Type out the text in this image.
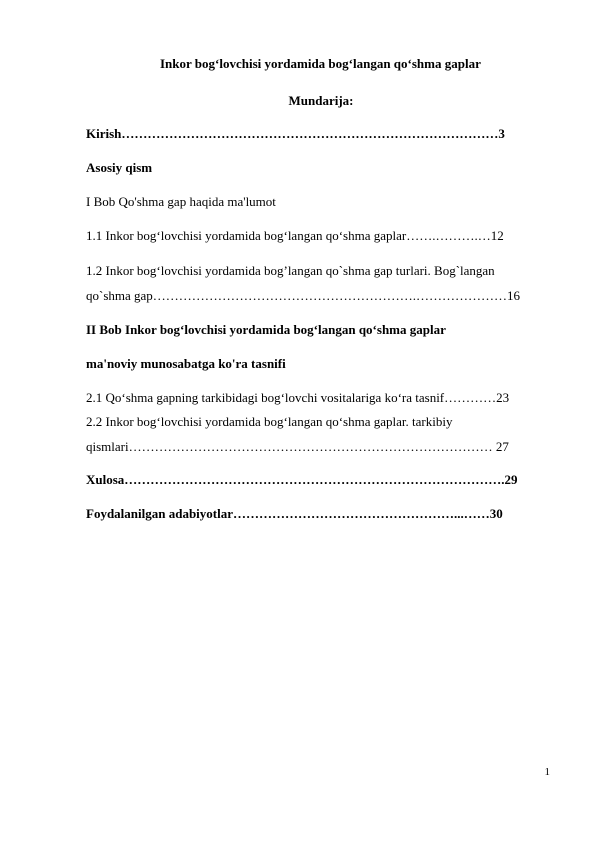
Inkor bog‘lovchisi yordamida bog‘langan qo‘shma gaplar
Mundarija:
Kirish……………………………………………………………………………3
Asosiy qism
I Bob Qo'shma gap haqida ma'lumot
1.1 Inkor bog‘lovchisi yordamida bog‘langan qo‘shma gaplar…….……….…12
1.2 Inkor bog‘lovchisi yordamida bog’langan qo`shma gap turlari. Bog`langan
qo`shma gap…………………………………………………….…………………16
II Bob Inkor bog‘lovchisi yordamida bog‘langan qo‘shma gaplar
ma'noviy munosabatga ko'ra tasnifi
2.1 Qo‘shma gapning tarkibidagi bog‘lovchi vositalariga ko‘ra tasnif…………23
2.2 Inkor bog‘lovchisi yordamida bog‘langan qo‘shma gaplar. tarkibiy
qismlari………………………………………………………………………… 27
Xulosa…………………………………………………………………………….29
Foydalanilgan adabiyotlar……………………………………………...……30
1
